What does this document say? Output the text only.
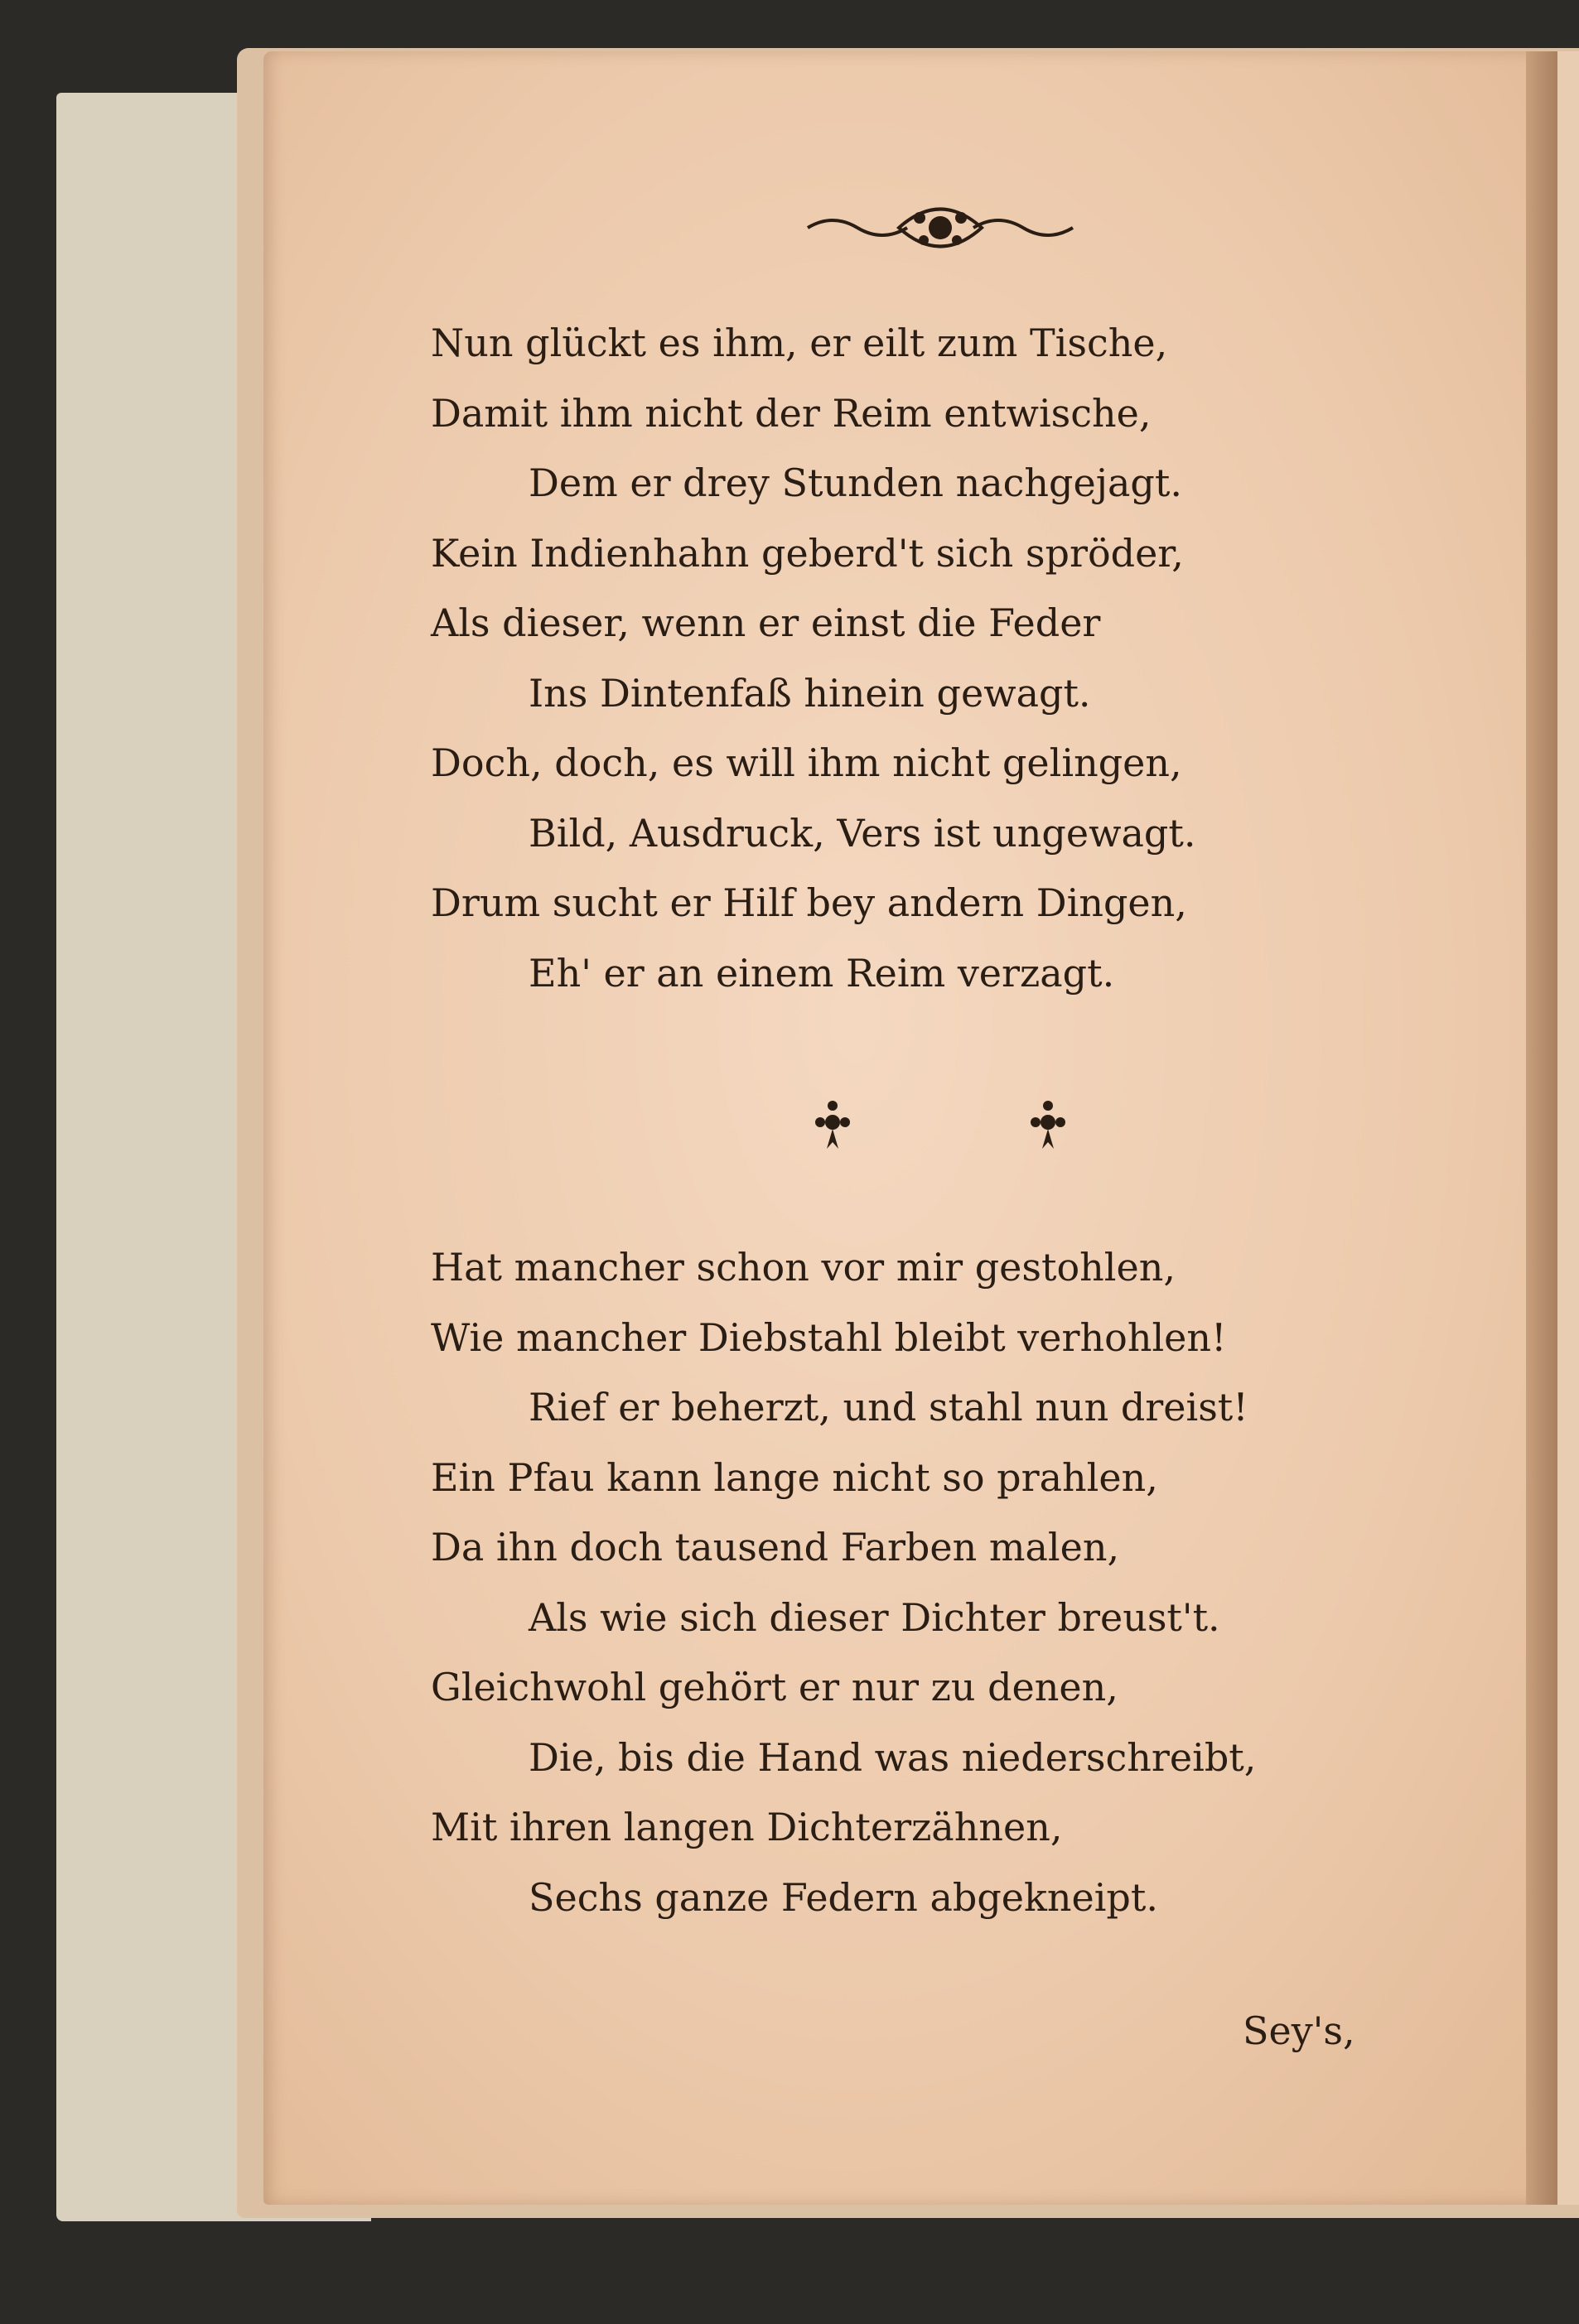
Nun glückt es ihm, er eilt zum Tische,
Damit ihm nicht der Reim entwische,
Dem er drey Stunden nachgejagt.
Kein Indienhahn geberd't sich spröder,
Als dieser, wenn er einst die Feder
Ins Dintenfaß hinein gewagt.
Doch, doch, es will ihm nicht gelingen,
Bild, Ausdruck, Vers ist ungewagt.
Drum sucht er Hilf bey andern Dingen,
Eh' er an einem Reim verzagt.
Hat mancher schon vor mir gestohlen,
Wie mancher Diebstahl bleibt verhohlen!
Rief er beherzt, und stahl nun dreist!
Ein Pfau kann lange nicht so prahlen,
Da ihn doch tausend Farben malen,
Als wie sich dieser Dichter breust't.
Gleichwohl gehört er nur zu denen,
Die, bis die Hand was niederschreibt,
Mit ihren langen Dichterzähnen,
Sechs ganze Federn abgekneipt.
Sey's,
